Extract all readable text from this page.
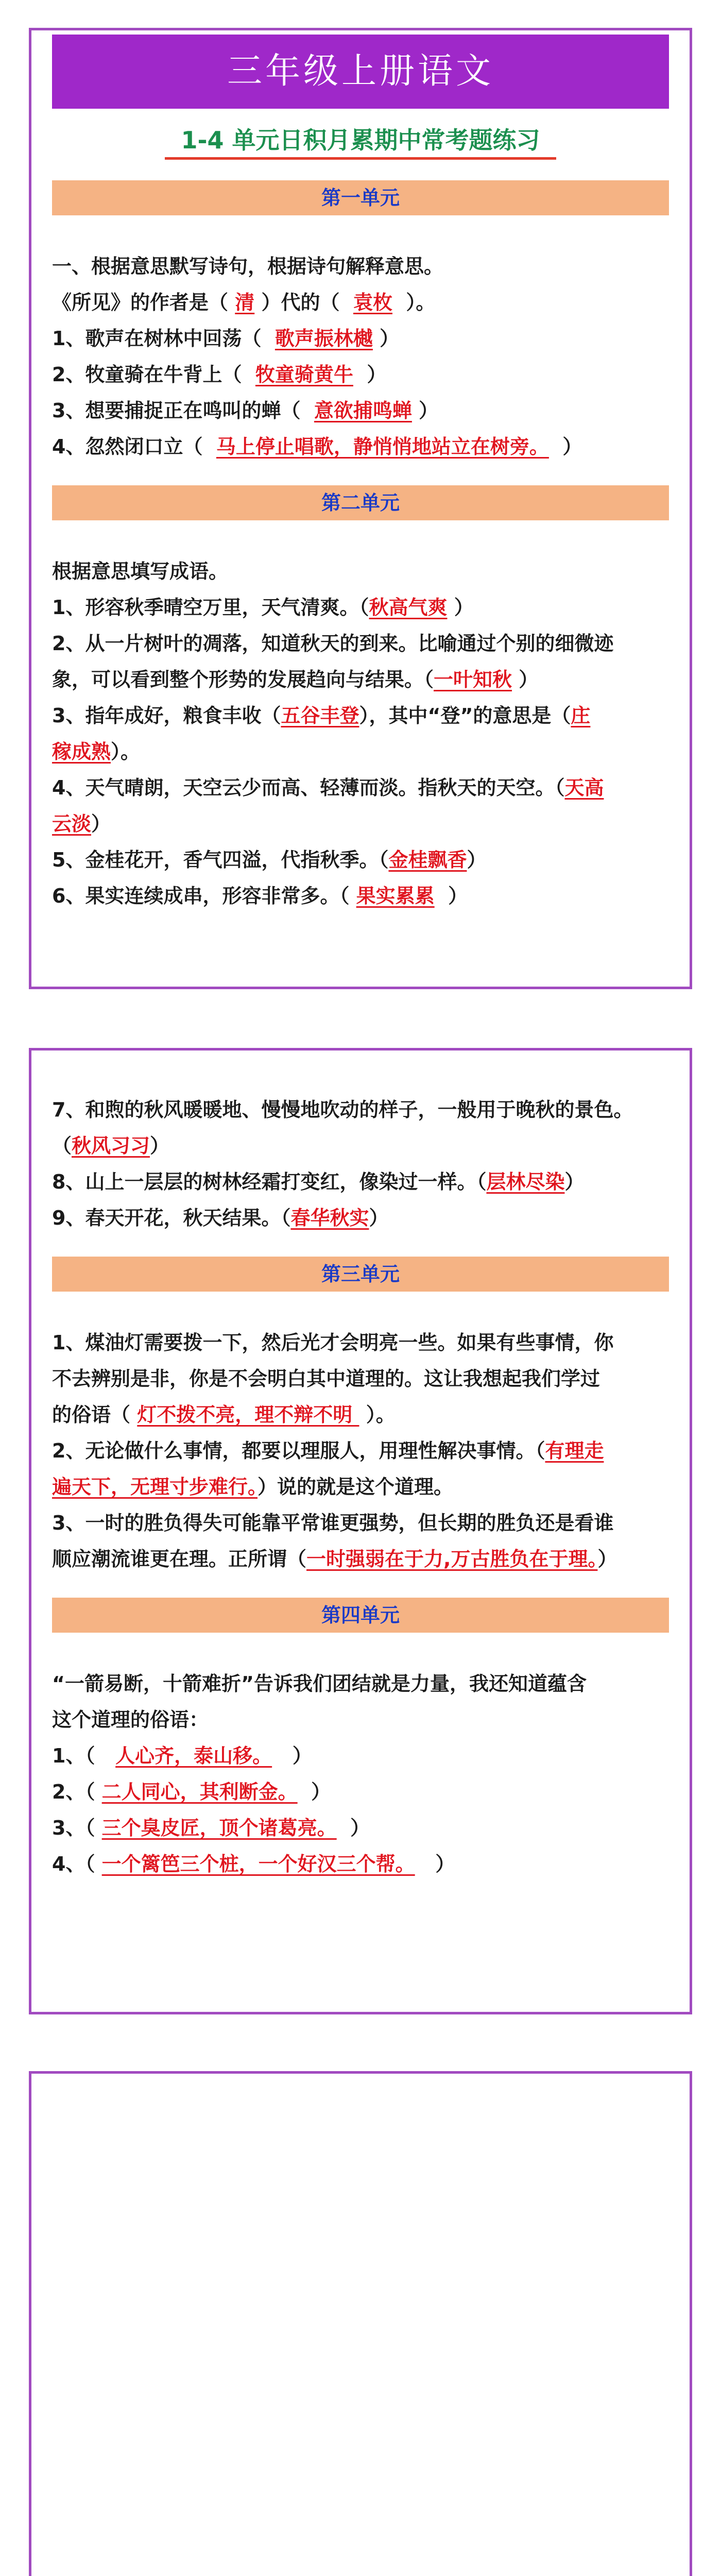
三年级上册语文
1-4 单元日积月累期中常考题练习
第一单元

一、根据意思默写诗句，根据诗句解释意思。

《所见》的作者是（ 清 ）代的（  袁枚  ）。

1、歌声在树林中回荡（  歌声振林樾 ）

2、牧童骑在牛背上（  牧童骑黄牛  ）

3、想要捕捉正在鸣叫的蝉（  意欲捕鸣蝉 ）

4、忽然闭口立（  马上停止唱歌，静悄悄地站立在树旁。  ）

第二单元

根据意思填写成语。

1、形容秋季晴空万里，天气清爽。（秋高气爽 ）

2、从一片树叶的凋落，知道秋天的到来。比喻通过个别的细微迹

象，可以看到整个形势的发展趋向与结果。（一叶知秋 ）

3、指年成好，粮食丰收（五谷丰登），其中“登”的意思是（庄

稼成熟）。

4、天气晴朗，天空云少而高、轻薄而淡。指秋天的天空。（天高

云淡）

5、金桂花开，香气四溢，代指秋季。（金桂飘香）

6、果实连续成串，形容非常多。（ 果实累累  ）

7、和煦的秋风暖暖地、慢慢地吹动的样子，一般用于晚秋的景色。

（秋风习习）

8、山上一层层的树林经霜打变红，像染过一样。（层林尽染）

9、春天开花，秋天结果。（春华秋实）

第三单元

1、煤油灯需要拨一下，然后光才会明亮一些。如果有些事情，你

不去辨别是非，你是不会明白其中道理的。这让我想起我们学过

的俗语（ 灯不拨不亮，理不辩不明  ）。

2、无论做什么事情，都要以理服人，用理性解决事情。（有理走

遍天下，无理寸步难行。）说的就是这个道理。

3、一时的胜负得失可能靠平常谁更强势，但长期的胜负还是看谁

顺应潮流谁更在理。正所谓（一时强弱在于力,万古胜负在于理。）

第四单元

“一箭易断，十箭难折”告诉我们团结就是力量，我还知道蕴含

这个道理的俗语：

1、（   人心齐，泰山移。   ）

2、（ 二人同心，其利断金。  ）

3、（ 三个臭皮匠，顶个诸葛亮。  ）

4、（ 一个篱笆三个桩，一个好汉三个帮。   ）
